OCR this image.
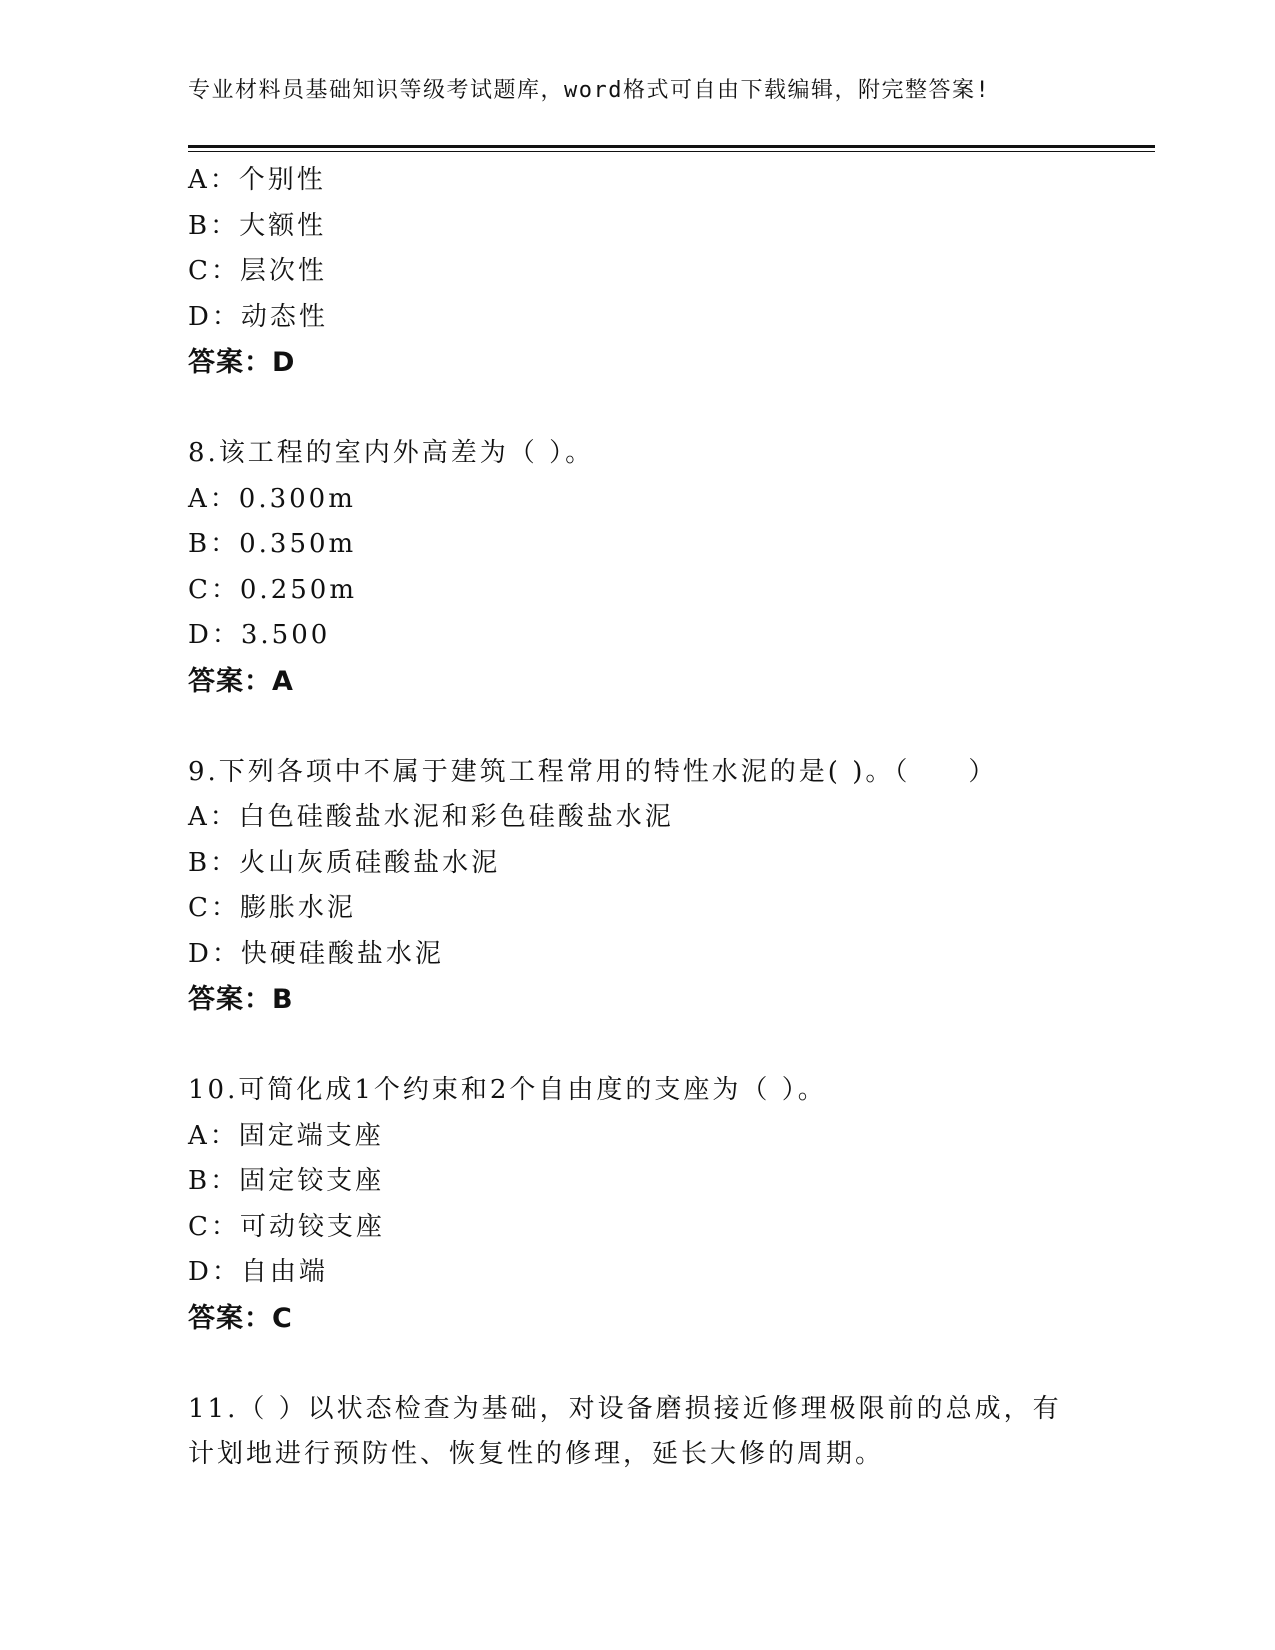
专业材料员基础知识等级考试题库，word格式可自由下载编辑，附完整答案!
A：个别性
B：大额性
C：层次性
D：动态性
答案：D
8.该工程的室内外高差为（ ）。
A：0.300m
B：0.350m
C：0.250m
D：3.500
答案：A
9.下列各项中不属于建筑工程常用的特性水泥的是( )。（　　）
A：白色硅酸盐水泥和彩色硅酸盐水泥
B：火山灰质硅酸盐水泥
C：膨胀水泥
D：快硬硅酸盐水泥
答案：B
10.可简化成1个约束和2个自由度的支座为（ ）。
A：固定端支座
B：固定铰支座
C：可动铰支座
D：自由端
答案：C
11.（ ）以状态检查为基础，对设备磨损接近修理极限前的总成，有
计划地进行预防性、恢复性的修理，延长大修的周期。
